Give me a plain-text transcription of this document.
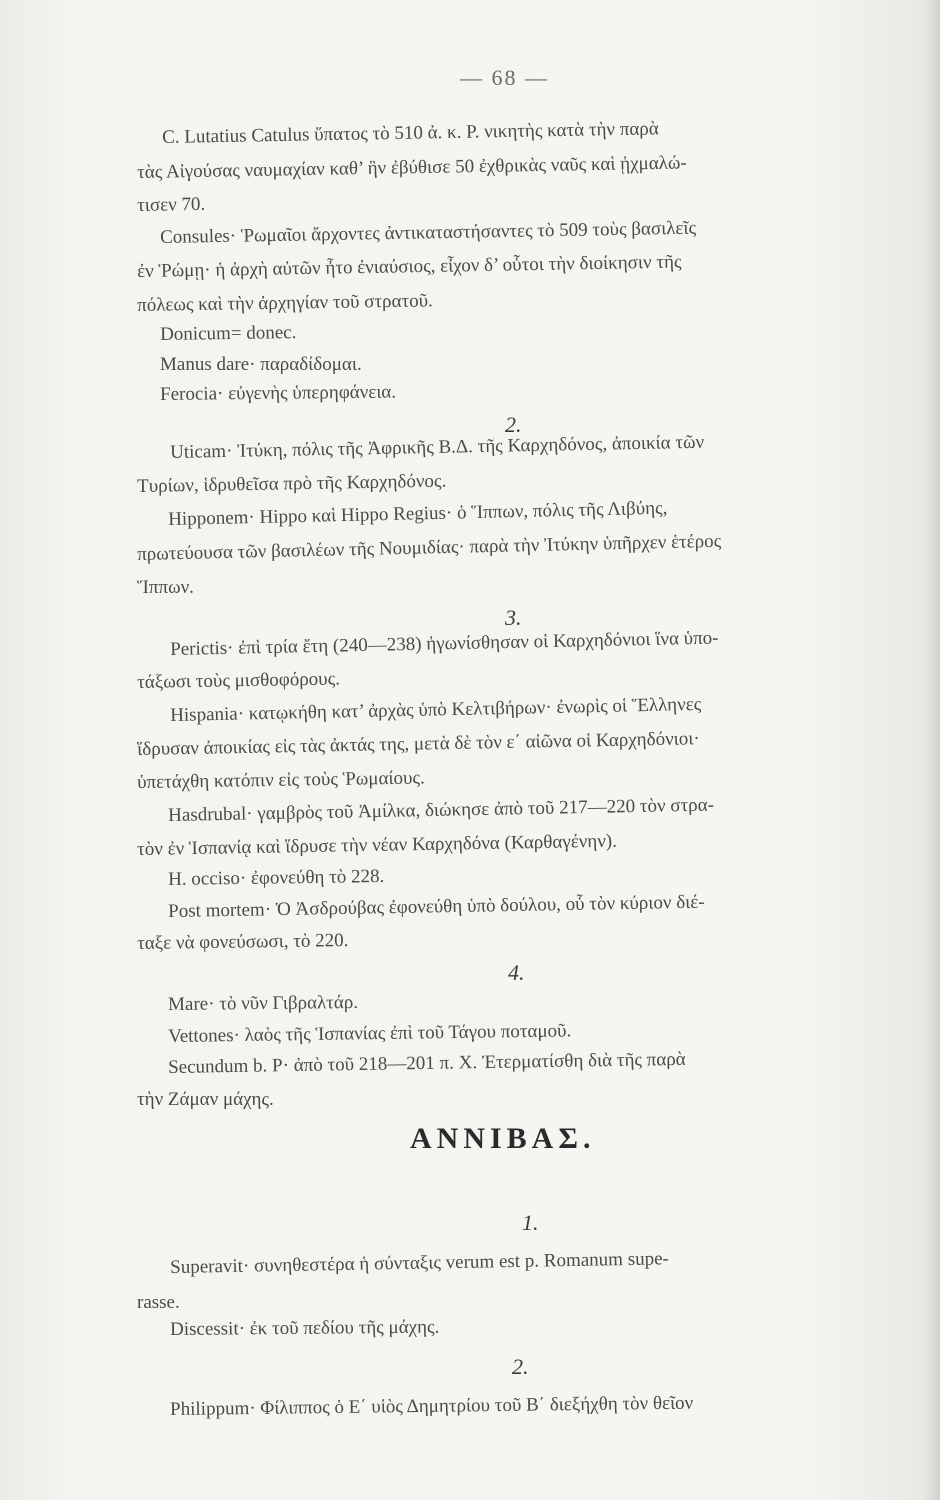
— 68 —
C. Lutatius Catulus ὕπατος τὸ 510 ἀ. κ. Ρ. νικητὴς κατὰ τὴν παρὰ
τὰς Αἰγούσας ναυμαχίαν καθ’ ἣν ἐβύθισε 50 ἐχθρικὰς ναῦς καὶ ᾐχμαλώ-
τισεν 70.
Consules· Ῥωμαῖοι ἄρχοντες ἀντικαταστήσαντες τὸ 509 τοὺς βασιλεῖς
ἐν Ῥώμῃ· ἡ ἀρχὴ αὐτῶν ἦτο ἐνιαύσιος, εἶχον δ’ οὗτοι τὴν διοίκησιν τῆς
πόλεως καὶ τὴν ἀρχηγίαν τοῦ στρατοῦ.
Donicum= donec.
Manus dare· παραδίδομαι.
Ferocia· εὐγενὴς ὑπερηφάνεια.
2.
Uticam· Ἰτύκη, πόλις τῆς Ἀφρικῆς Β.Δ. τῆς Καρχηδόνος, ἀποικία τῶν
Τυρίων, ἱδρυθεῖσα πρὸ τῆς Καρχηδόνος.
Hipponem· Hippo καὶ Hippo Regius· ὁ Ἵππων, πόλις τῆς Λιβύης,
πρωτεύουσα τῶν βασιλέων τῆς Νουμιδίας· παρὰ τὴν Ἰτύκην ὑπῆρχεν ἑτέρος
Ἵππων.
3.
Perictis· ἐπὶ τρία ἔτη (240—238) ἠγωνίσθησαν οἱ Καρχηδόνιοι ἵνα ὑπο-
τάξωσι τοὺς μισθοφόρους.
Hispania· κατῳκήθη κατ’ ἀρχὰς ὑπὸ Κελτιβήρων· ἐνωρὶς οἱ Ἕλληνες
ἵδρυσαν ἀποικίας εἰς τὰς ἀκτάς της, μετὰ δὲ τὸν ε΄ αἰῶνα οἱ Καρχηδόνιοι·
ὑπετάχθη κατόπιν εἰς τοὺς Ῥωμαίους.
Hasdrubal· γαμβρὸς τοῦ Ἀμίλκα, διώκησε ἀπὸ τοῦ 217—220 τὸν στρα-
τὸν ἐν Ἱσπανίᾳ καὶ ἵδρυσε τὴν νέαν Καρχηδόνα (Καρθαγένην).
H. occiso· ἐφονεύθη τὸ 228.
Post mortem· Ὁ Ἀσδρούβας ἐφονεύθη ὑπὸ δούλου, οὗ τὸν κύριον διέ-
ταξε νὰ φονεύσωσι, τὸ 220.
4.
Mare· τὸ νῦν Γιβραλτάρ.
Vettones· λαὸς τῆς Ἱσπανίας ἐπὶ τοῦ Τάγου ποταμοῦ.
Secundum b. P· ἀπὸ τοῦ 218—201 π. Χ. Ἐτερματίσθη διὰ τῆς παρὰ
τὴν Ζάμαν μάχης.
ΑΝΝΙΒΑΣ.
1.
Superavit· συνηθεστέρα ἡ σύνταξις verum est p. Romanum supe-
rasse.
Discessit· ἐκ τοῦ πεδίου τῆς μάχης.
2.
Philippum· Φίλιππος ὁ Ε΄ υἱὸς Δημητρίου τοῦ Β΄ διεξήχθη τὸν θεῖον
